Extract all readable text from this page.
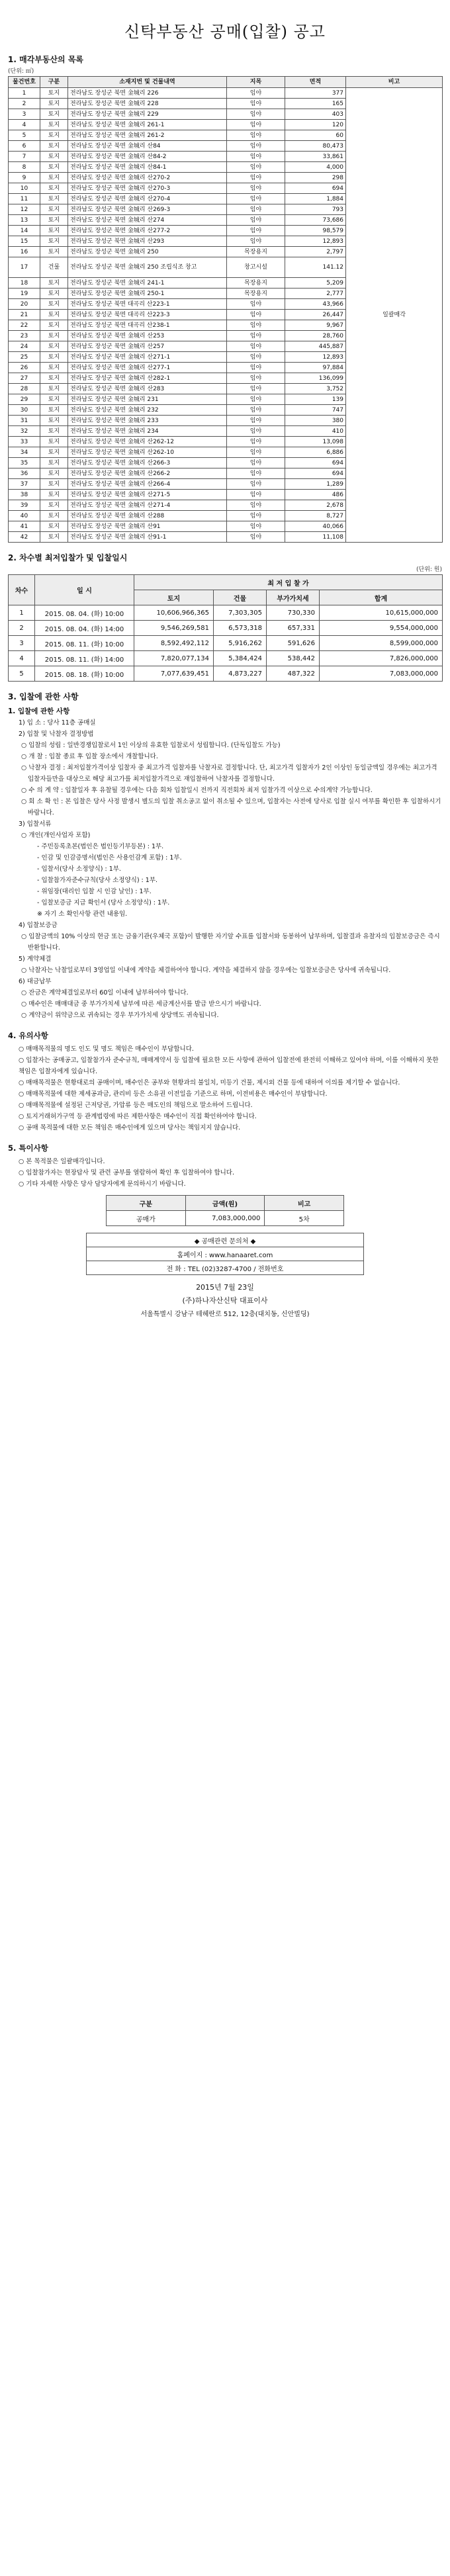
신탁부동산 공매(입찰) 공고
1. 매각부동산의 목록
(단위: ㎡)
물건번호	구분	소재지번 및 건물내역	지목	면적	비고
1	토지	전라남도 장성군 북면 金城리 226	임야	377	일괄매각
2	토지	전라남도 장성군 북면 金城리 228	임야	165	
3	토지	전라남도 장성군 북면 金城리 229	임야	403	
4	토지	전라남도 장성군 북면 金城리 261-1	임야	120	
5	토지	전라남도 장성군 북면 金城리 261-2	임야	60	
6	토지	전라남도 장성군 북면 金城리 산84	임야	80,473	
7	토지	전라남도 장성군 북면 金城리 산84-2	임야	33,861	
8	토지	전라남도 장성군 북면 金城리 산84-1	임야	4,000	
9	토지	전라남도 장성군 북면 金城리 산270-2	임야	298	
10	토지	전라남도 장성군 북면 金城리 산270-3	임야	694	
11	토지	전라남도 장성군 북면 金城리 산270-4	임야	1,884	
12	토지	전라남도 장성군 북면 金城리 산269-3	임야	793	
13	토지	전라남도 장성군 북면 金城리 산274	임야	73,686	
14	토지	전라남도 장성군 북면 金城리 산277-2	임야	98,579	
15	토지	전라남도 장성군 북면 金城리 산293	임야	12,893	
16	토지	전라남도 장성군 북면 金城리 250	목장용지	2,797	
17	건물	전라남도 장성군 북면 金城리 250 조립식조 창고	창고시설	141.12	
18	토지	전라남도 장성군 북면 金城리 241-1	목장용지	5,209	
19	토지	전라남도 장성군 북면 金城리 250-1	목장용지	2,777	
20	토지	전라남도 장성군 북면 대곡리 산223-1	임야	43,966	
21	토지	전라남도 장성군 북면 대곡리 산223-3	임야	26,447	
22	토지	전라남도 장성군 북면 대곡리 산238-1	임야	9,967	
23	토지	전라남도 장성군 북면 金城리 산253	임야	28,760	
24	토지	전라남도 장성군 북면 金城리 산257	임야	445,887	
25	토지	전라남도 장성군 북면 金城리 산271-1	임야	12,893	
26	토지	전라남도 장성군 북면 金城리 산277-1	임야	97,884	
27	토지	전라남도 장성군 북면 金城리 산282-1	임야	136,099	
28	토지	전라남도 장성군 북면 金城리 산283	임야	3,752	
29	토지	전라남도 장성군 북면 金城리 231	임야	139	
30	토지	전라남도 장성군 북면 金城리 232	임야	747	
31	토지	전라남도 장성군 북면 金城리 233	임야	380	
32	토지	전라남도 장성군 북면 金城리 234	임야	410	
33	토지	전라남도 장성군 북면 金城리 산262-12	임야	13,098	
34	토지	전라남도 장성군 북면 金城리 산262-10	임야	6,886	
35	토지	전라남도 장성군 북면 金城리 산266-3	임야	694	
36	토지	전라남도 장성군 북면 金城리 산266-2	임야	694	
37	토지	전라남도 장성군 북면 金城리 산266-4	임야	1,289	
38	토지	전라남도 장성군 북면 金城리 산271-5	임야	486	
39	토지	전라남도 장성군 북면 金城리 산271-4	임야	2,678	
40	토지	전라남도 장성군 북면 金城리 산288	임야	8,727	
41	토지	전라남도 장성군 북면 金城리 산91	임야	40,066	
42	토지	전라남도 장성군 북면 金城리 산91-1	임야	11,108	
2. 차수별 최저입찰가 및 입찰일시
(단위: 원)
차수	일 시	최 저 입 찰 가			
		토지	건물	부가가치세	합계
1	2015. 08. 04. (화) 10:00	10,606,966,365	7,303,305	730,330	10,615,000,000
2	2015. 08. 04. (화) 14:00	9,546,269,581	6,573,318	657,331	9,554,000,000
3	2015. 08. 11. (화) 10:00	8,592,492,112	5,916,262	591,626	8,599,000,000
4	2015. 08. 11. (화) 14:00	7,820,077,134	5,384,424	538,442	7,826,000,000
5	2015. 08. 18. (화) 10:00	7,077,639,451	4,873,227	487,322	7,083,000,000
3. 입찰에 관한 사항
1. 입찰에 관한 사항

1) 입 소 : 당사 11층 공매실

2) 입찰 및 낙찰자 결정방법

○ 입찰의 성립 : 일반경쟁입찰로서 1인 이상의 유효한 입찰로서 성립합니다. (단독입찰도 가능)

○ 개 찰 : 입찰 종료 후 입찰 장소에서 개찰합니다.

○ 낙찰자 결정 : 최저입찰가격이상 입찰자 중 최고가격 입찰자를 낙찰자로 결정합니다. 단, 최고가격 입찰자가 2인 이상인 동일금액일 경우에는 최고가격 입찰자들만을 대상으로 해당 최고가를 최저입찰가격으로 재입찰하여 낙찰자를 결정합니다.

○ 수 의 계 약 : 입찰일자 후 유찰될 경우에는 다음 회차 입찰일시 전까지 직전회차 최저 입찰가격 이상으로 수의계약 가능합니다.

○ 회 소 확 인 : 본 입찰은 당사 사정 발생시 별도의 입찰 취소공고 없이 취소될 수 있으며, 입찰자는 사전에 당사로 입찰 실시 여부를 확인한 후 입찰하시기 바랍니다.

3) 입찰서류

○ 개인(개인사업자 포함)

- 주민등록초본(법인은 법인등기부등본) : 1부.

- 인감 및 인감증명서(법인은 사용인감계 포함) : 1부.

- 입찰서(당사 소정양식) : 1부.

- 입찰참가자준수규칙(당사 소정양식) : 1부.

- 위임장(대리인 입찰 시 인감 날인) : 1부.

- 입찰보증금 지급 확인서 (당사 소정양식) : 1부.

※ 자기 소 확인사항 관련 내용임.

4) 입찰보증금

○ 입찰금액의 10% 이상의 현금 또는 금융기관(우체국 포함)이 발행한 자기앞 수표를 입찰서와 동봉하여 납부하며, 입찰결과 유찰자의 입찰보증금은 즉시 반환합니다.

5) 계약체결

○ 낙찰자는 낙찰일로부터 3영업일 이내에 계약을 체결하여야 합니다. 계약을 체결하지 않을 경우에는 입찰보증금은 당사에 귀속됩니다.

6) 대금납부

○ 잔금은 계약체결일로부터 60일 이내에 납부하여야 합니다.

○ 매수인은 매매대금 중 부가가치세 납부에 따른 세금계산서를 발급 받으시기 바랍니다.

○ 계약금이 위약금으로 귀속되는 경우 부가가치세 상당액도 귀속됩니다.

4. 유의사항

○ 매매목적물의 명도 인도 및 명도 책임은 매수인이 부담합니다.

○ 입찰자는 공매공고, 입찰참가자 준수규칙, 매매계약서 등 입찰에 필요한 모든 사항에 관하여 입찰전에 완전히 이해하고 있어야 하며, 이를 이해하지 못한 책임은 입찰자에게 있습니다.

○ 매매목적물은 현황대로의 공매이며, 매수인은 공부와 현황과의 불일치, 미등기 건물, 제시외 건물 등에 대하여 이의를 제기할 수 없습니다.

○ 매매목적물에 대한 제세공과금, 관리비 등은 소유권 이전일을 기준으로 하며, 이전비용은 매수인이 부담합니다.

○ 매매목적물에 설정된 근저당권, 가압류 등은 매도인의 책임으로 말소하여 드립니다.

○ 토지거래허가구역 등 관계법령에 따른 제한사항은 매수인이 직접 확인하여야 합니다.

○ 공매 목적물에 대한 모든 책임은 매수인에게 있으며 당사는 책임지지 않습니다.

5. 특이사항

○ 본 목적물은 일괄매각입니다.

○ 입찰참가자는 현장답사 및 관련 공부를 열람하여 확인 후 입찰하여야 합니다.

○ 기타 자세한 사항은 당사 담당자에게 문의하시기 바랍니다.

구분	금액(원)	비고
공매가	7,083,000,000	5차
◆ 공매관련 문의처 ◆
홈페이지 : www.hanaaret.com
전 화 : TEL (02)3287-4700 / 전화번호
2015년 7월 23일
(주)하나자산신탁 대표이사
서울특별시 강남구 테헤란로 512, 12층(대치동, 신안빌딩)
